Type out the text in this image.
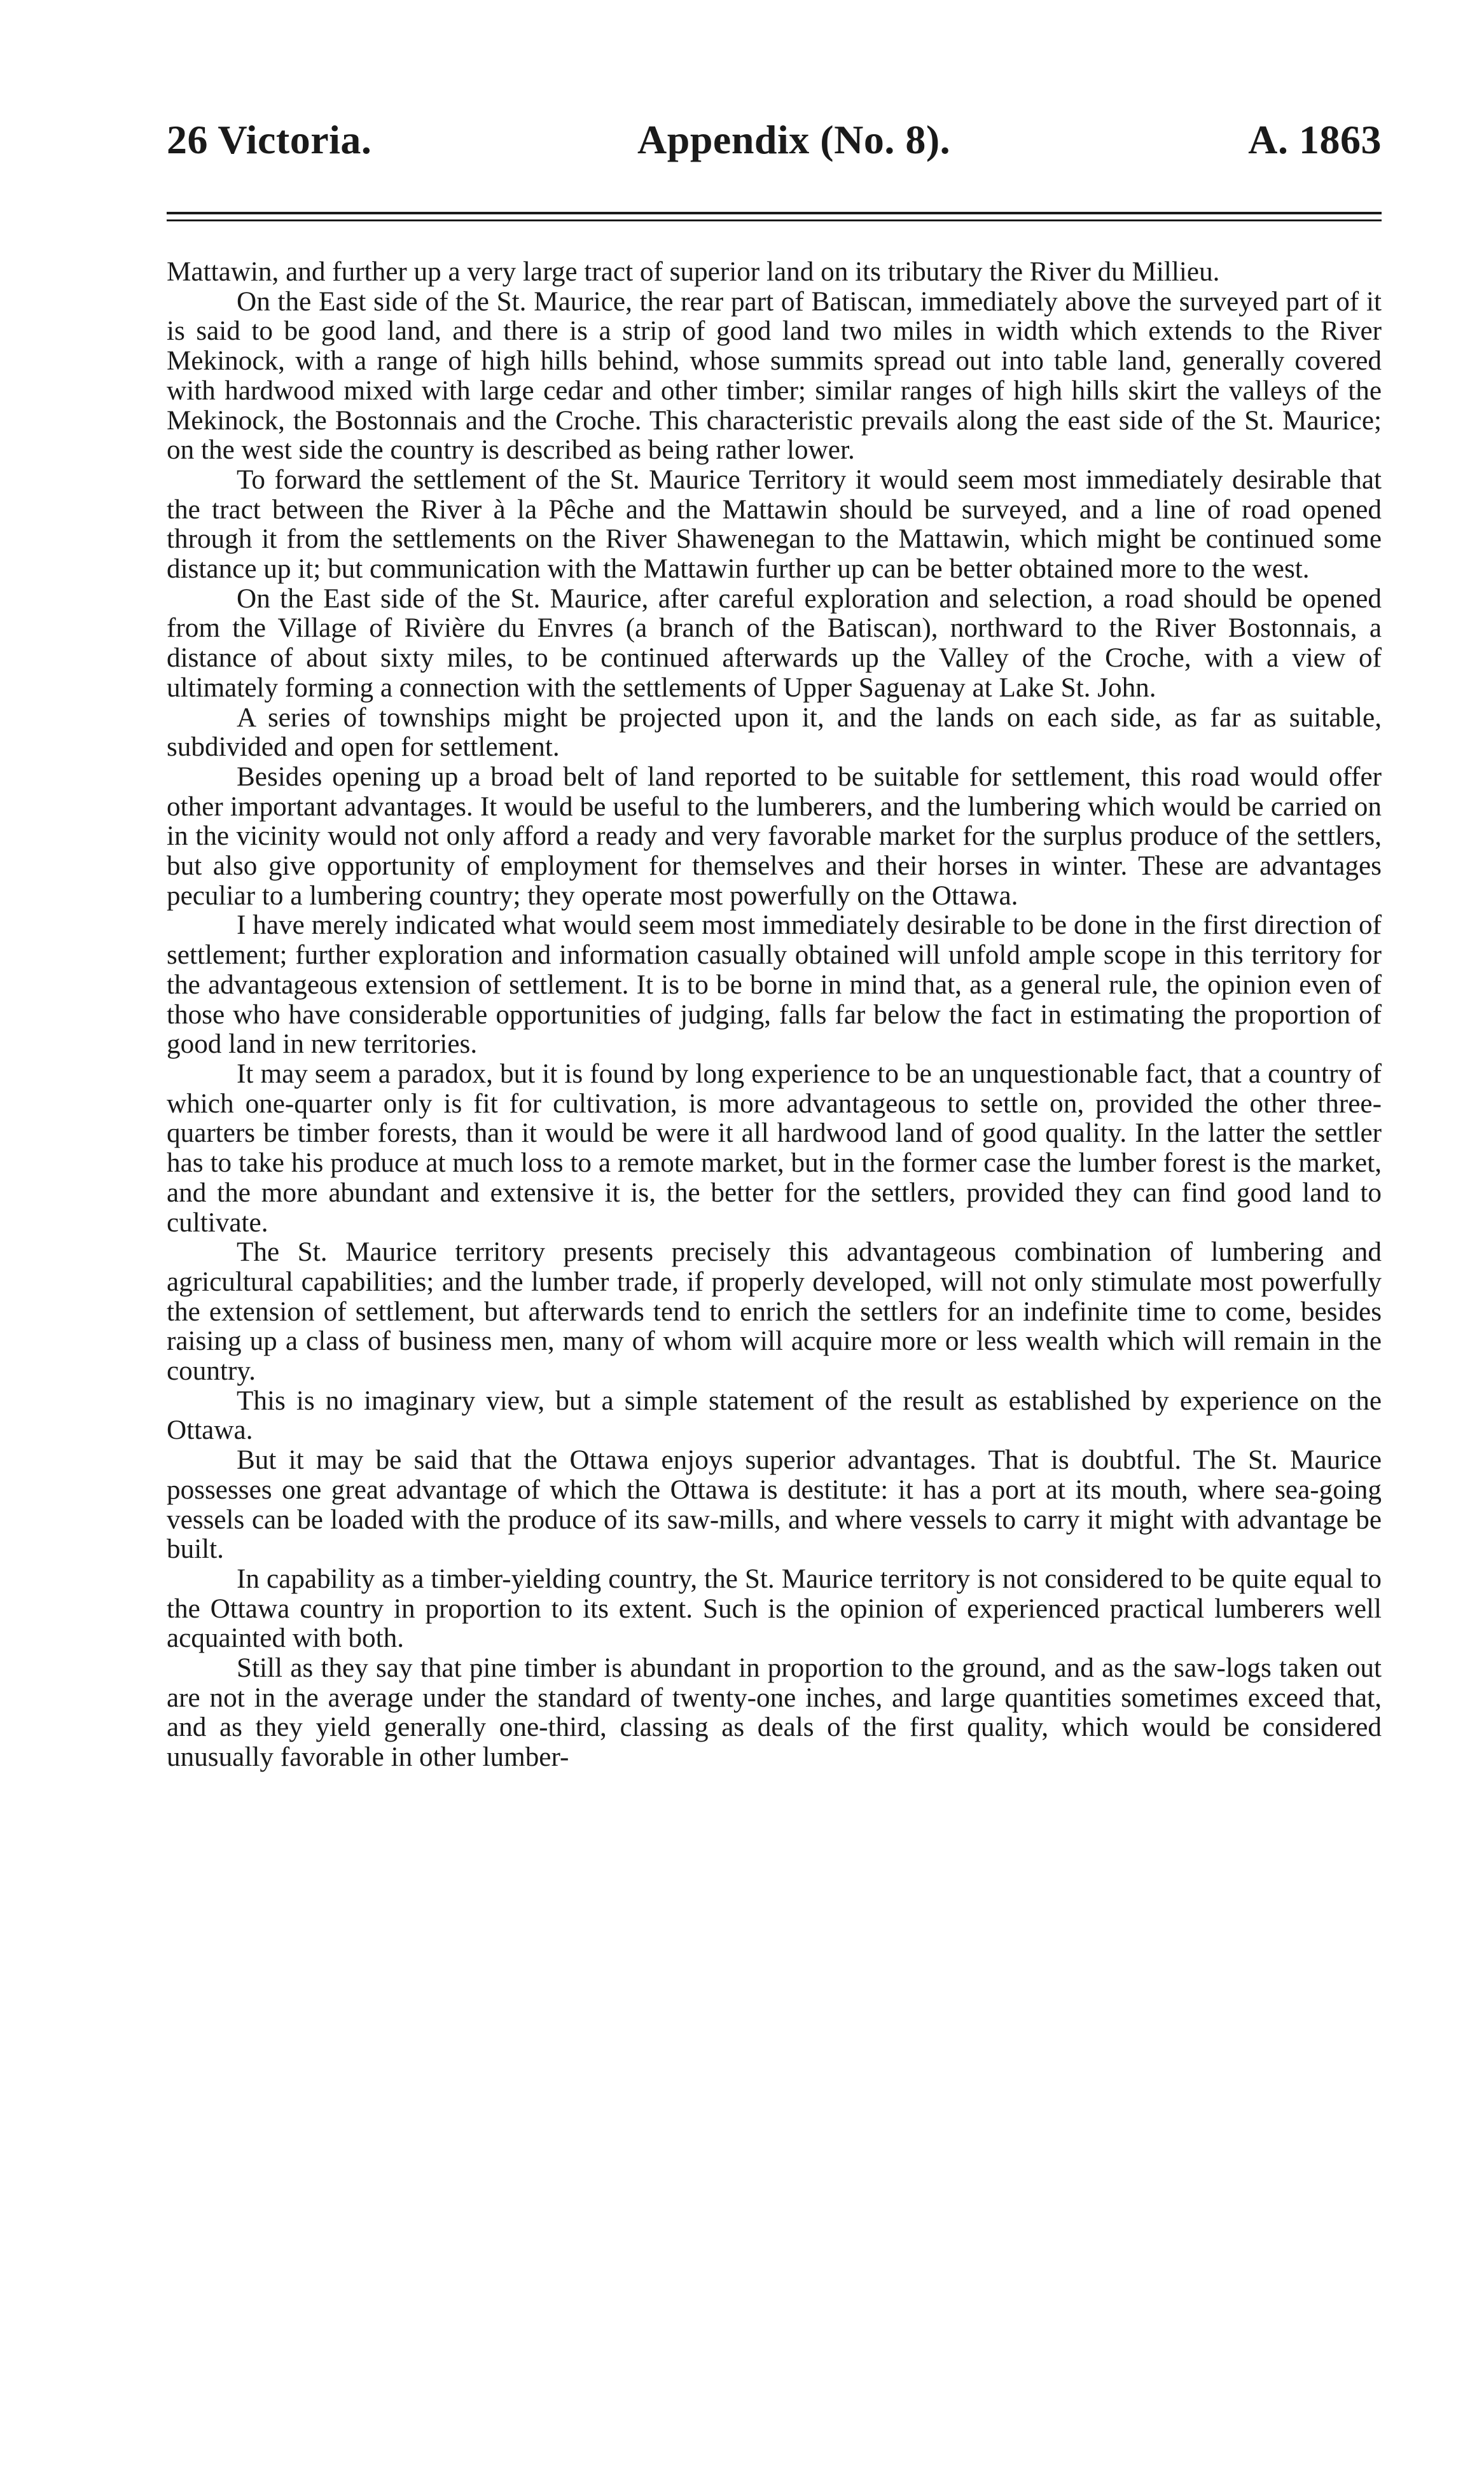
26 Victoria.	Appendix (No. 8).	A. 1863

Mattawin, and further up a very large tract of superior land on its tributary the River du Millieu.

On the East side of the St. Maurice, the rear part of Batiscan, immediately above the surveyed part of it is said to be good land, and there is a strip of good land two miles in width which extends to the River Mekinock, with a range of high hills behind, whose summits spread out into table land, generally covered with hardwood mixed with large cedar and other timber; similar ranges of high hills skirt the valleys of the Mekinock, the Bostonnais and the Croche. This characteristic prevails along the east side of the St. Maurice; on the west side the country is described as being rather lower.

To forward the settlement of the St. Maurice Territory it would seem most immediately desirable that the tract between the River à la Pêche and the Mattawin should be surveyed, and a line of road opened through it from the settlements on the River Shawenegan to the Mattawin, which might be continued some distance up it; but communication with the Mattawin further up can be better obtained more to the west.

On the East side of the St. Maurice, after careful exploration and selection, a road should be opened from the Village of Rivière du Envres (a branch of the Batiscan), northward to the River Bostonnais, a distance of about sixty miles, to be continued afterwards up the Valley of the Croche, with a view of ultimately forming a connection with the settlements of Upper Saguenay at Lake St. John.

A series of townships might be projected upon it, and the lands on each side, as far as suitable, subdivided and open for settlement.

Besides opening up a broad belt of land reported to be suitable for settlement, this road would offer other important advantages. It would be useful to the lumberers, and the lumbering which would be carried on in the vicinity would not only afford a ready and very favorable market for the surplus produce of the settlers, but also give opportunity of employment for themselves and their horses in winter. These are advantages peculiar to a lumbering country; they operate most powerfully on the Ottawa.

I have merely indicated what would seem most immediately desirable to be done in the first direction of settlement; further exploration and information casually obtained will unfold ample scope in this territory for the advantageous extension of settlement. It is to be borne in mind that, as a general rule, the opinion even of those who have considerable opportunities of judging, falls far below the fact in estimating the proportion of good land in new territories.

It may seem a paradox, but it is found by long experience to be an unquestionable fact, that a country of which one-quarter only is fit for cultivation, is more advantageous to settle on, provided the other three-quarters be timber forests, than it would be were it all hardwood land of good quality. In the latter the settler has to take his produce at much loss to a remote market, but in the former case the lumber forest is the market, and the more abundant and extensive it is, the better for the settlers, provided they can find good land to cultivate.

The St. Maurice territory presents precisely this advantageous combination of lumbering and agricultural capabilities; and the lumber trade, if properly developed, will not only stimulate most powerfully the extension of settlement, but afterwards tend to enrich the settlers for an indefinite time to come, besides raising up a class of business men, many of whom will acquire more or less wealth which will remain in the country.

This is no imaginary view, but a simple statement of the result as established by experience on the Ottawa.

But it may be said that the Ottawa enjoys superior advantages. That is doubtful. The St. Maurice possesses one great advantage of which the Ottawa is destitute: it has a port at its mouth, where sea-going vessels can be loaded with the produce of its saw-mills, and where vessels to carry it might with advantage be built.

In capability as a timber-yielding country, the St. Maurice territory is not considered to be quite equal to the Ottawa country in proportion to its extent. Such is the opinion of experienced practical lumberers well acquainted with both.

Still as they say that pine timber is abundant in proportion to the ground, and as the saw-logs taken out are not in the average under the standard of twenty-one inches, and large quantities sometimes exceed that, and as they yield generally one-third, classing as deals of the first quality, which would be considered unusually favorable in other lumber-
